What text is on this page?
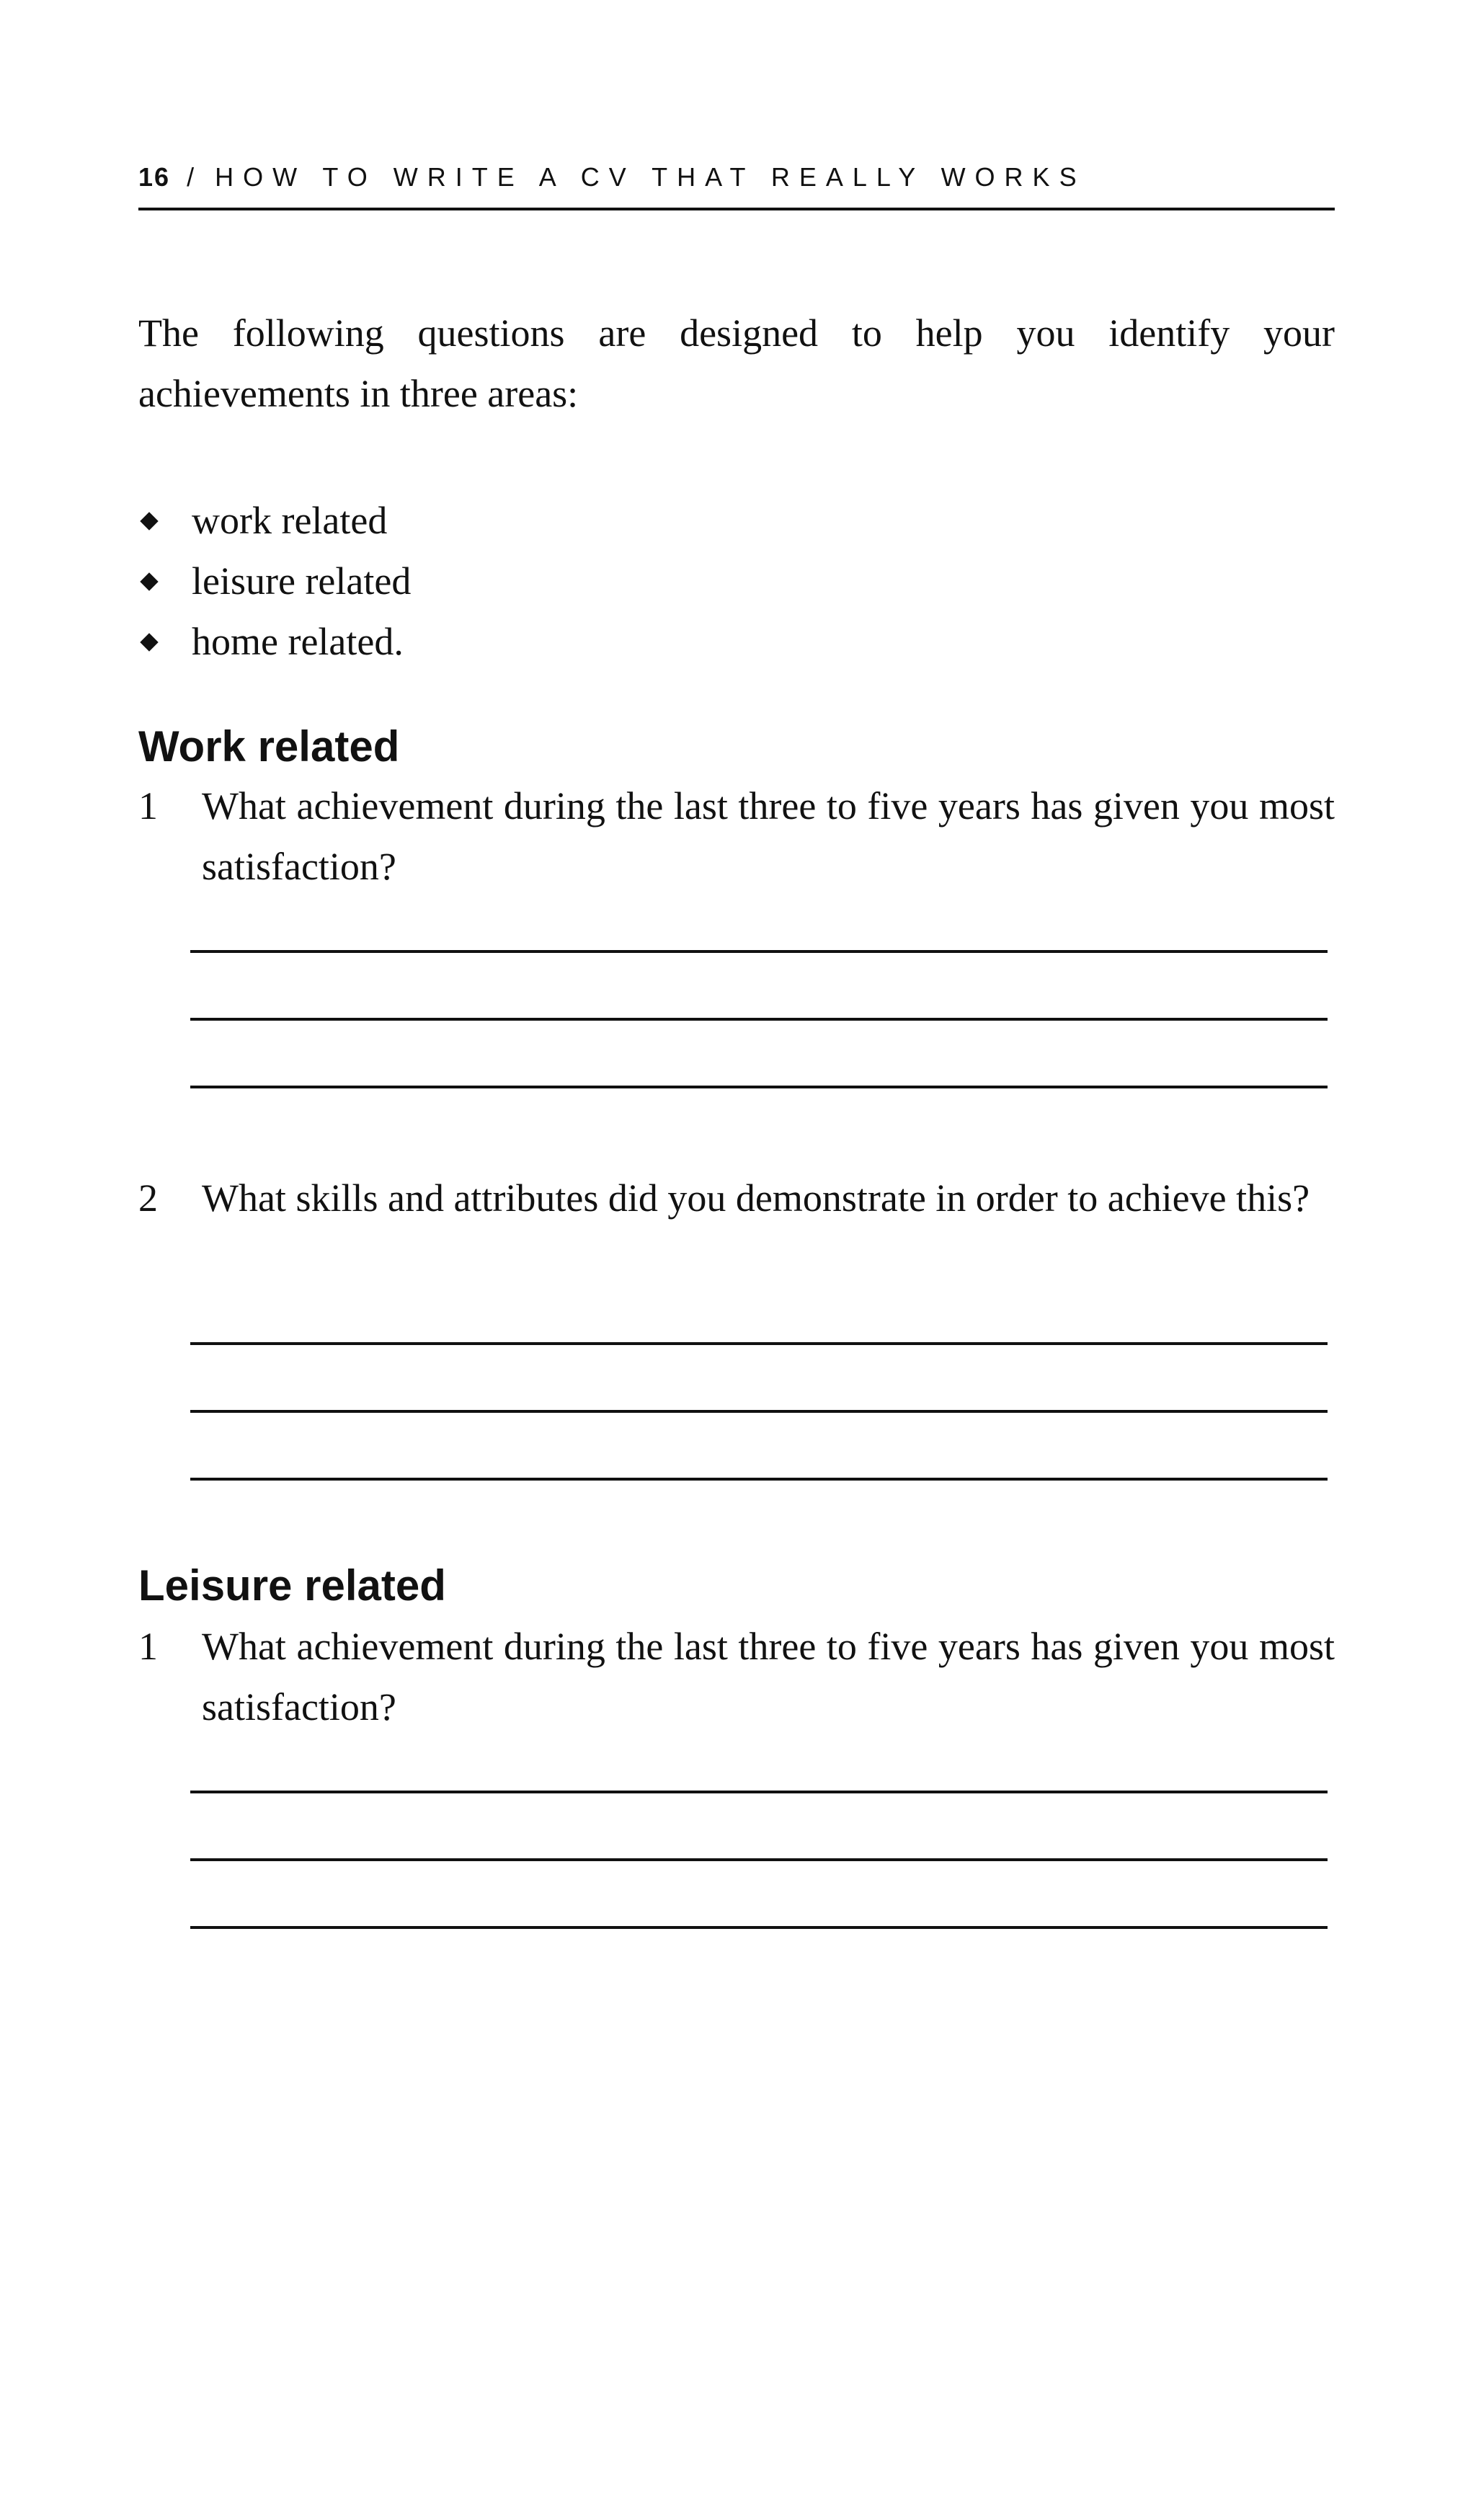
16 / HOW TO WRITE A CV THAT REALLY WORKS

The following questions are designed to help you identify your achievements in three areas:

work related
leisure related
home related.
Work related
1 What achievement during the last three to five years has given you most satisfaction?
2 What skills and attributes did you demonstrate in order to achieve this?
Leisure related
1 What achievement during the last three to five years has given you most satisfaction?
